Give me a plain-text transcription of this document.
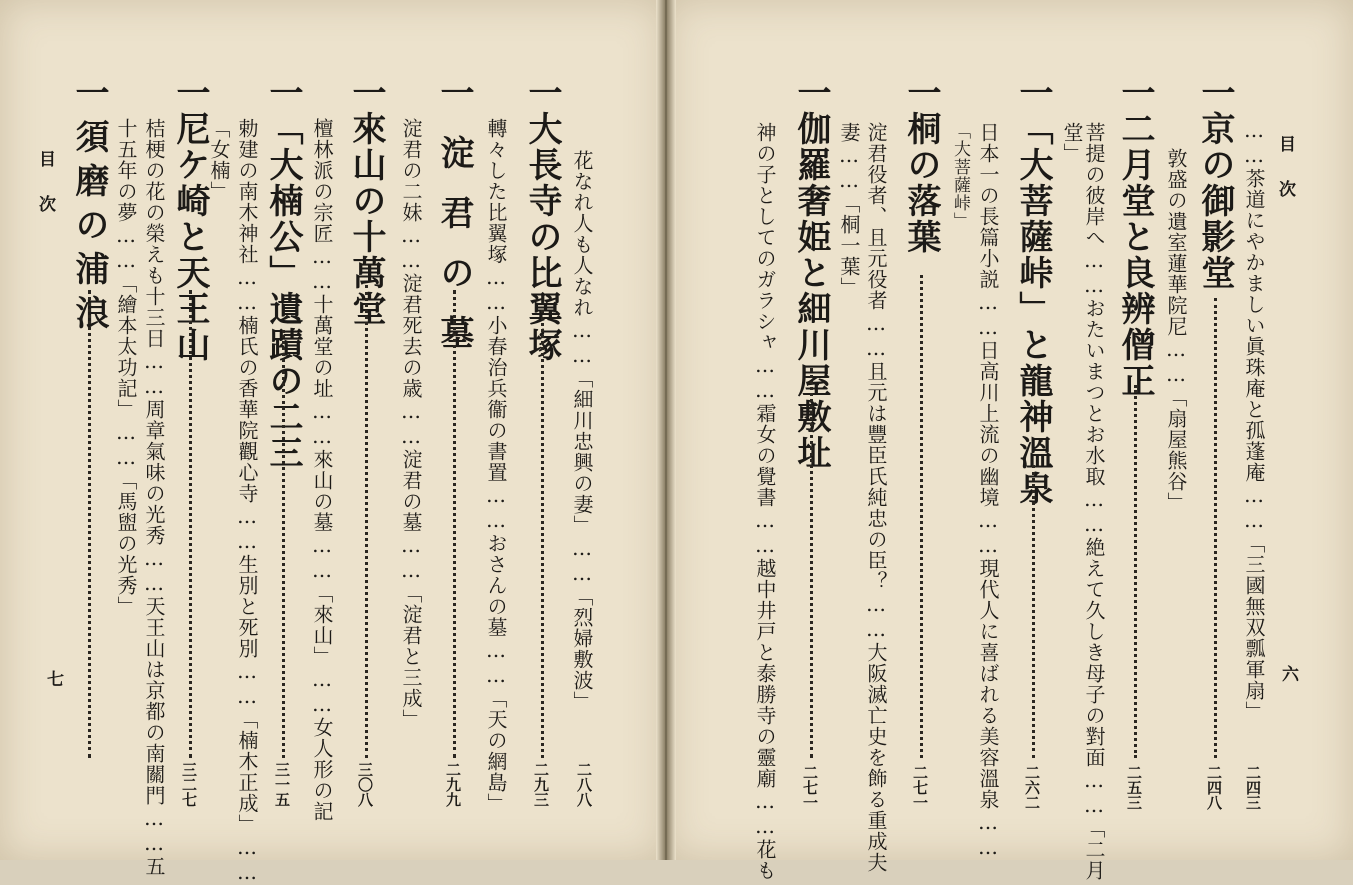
目次
六
……茶道にやかましい眞珠庵と孤蓬庵……「三國無双瓢軍扇」
二四三
一京の御影堂
二四八
敦盛の遺室蓮華院尼……「扇屋熊谷」
一二月堂と良辨僧正
二五三
菩提の彼岸へ……おたいまつとお水取……絶えて久しき母子の對面……「二月
堂」
一「大菩薩峠」と龍神溫泉
二六二
日本一の長篇小説……日高川上流の幽境……現代人に喜ばれる美容溫泉……
「大菩薩峠」
一桐の落葉
二七一
淀君役者、且元役者……且元は豐臣氏純忠の臣？……大阪滅亡史を飾る重成夫
妻……「桐一葉」
一伽羅奢姫と細川屋敷址
二七一
神の子としてのガラシャ……霜女の覺書……越中井戸と泰勝寺の靈廟……花も
目次
七	花なれ人も人なれ……「細川忠興の妻」……「烈婦敷波」
二八八
一大長寺の比翼塚
二九三
轉々した比翼塚……小春治兵衞の書置……おさんの墓……「天の網島」
一淀君の墓
二九九
淀君の二妹……淀君死去の歳……淀君の墓……「淀君と三成」
一來山の十萬堂
三〇八
檀林派の宗匠……十萬堂の址……來山の墓……「來山」……女人形の記
一「大楠公」遺蹟の二三
三一五
勅建の南木神社……楠氏の香華院觀心寺……生別と死別……「楠木正成」……
「女楠」
一尼ケ崎と天王山
三二七
桔梗の花の榮えも十三日……周章氣味の光秀……天王山は京都の南關門……五
十五年の夢……「繪本太功記」……「馬盥の光秀」
一須磨の浦浪
